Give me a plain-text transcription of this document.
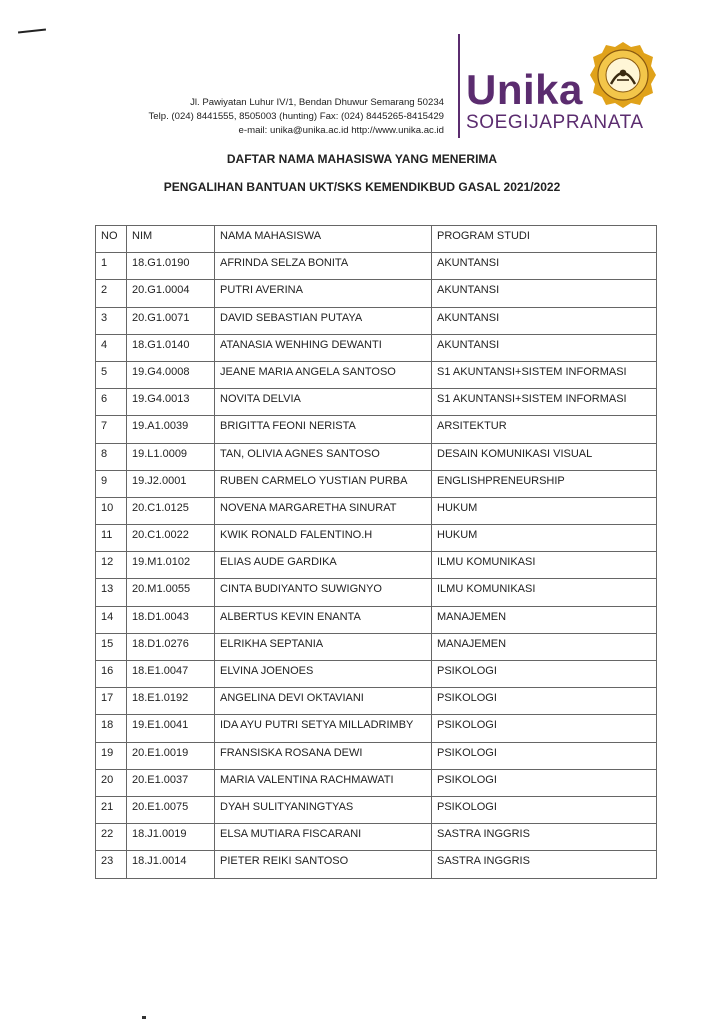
Jl. Pawiyatan Luhur IV/1, Bendan Dhuwur Semarang 50234
Telp. (024) 8441555, 8505003 (hunting) Fax: (024) 8445265-8415429
e-mail: unika@unika.ac.id http://www.unika.ac.id
Unika
SOEGIJAPRANATA
DAFTAR NAMA MAHASISWA YANG MENERIMA
PENGALIHAN BANTUAN UKT/SKS KEMENDIKBUD GASAL 2021/2022
NO	NIM	NAMA MAHASISWA	PROGRAM STUDI
1	18.G1.0190	AFRINDA SELZA BONITA	AKUNTANSI
2	20.G1.0004	PUTRI AVERINA	AKUNTANSI
3	20.G1.0071	DAVID SEBASTIAN PUTAYA	AKUNTANSI
4	18.G1.0140	ATANASIA WENHING DEWANTI	AKUNTANSI
5	19.G4.0008	JEANE MARIA ANGELA SANTOSO	S1 AKUNTANSI+SISTEM INFORMASI
6	19.G4.0013	NOVITA DELVIA	S1 AKUNTANSI+SISTEM INFORMASI
7	19.A1.0039	BRIGITTA FEONI NERISTA	ARSITEKTUR
8	19.L1.0009	TAN, OLIVIA AGNES SANTOSO	DESAIN KOMUNIKASI VISUAL
9	19.J2.0001	RUBEN CARMELO YUSTIAN PURBA	ENGLISHPRENEURSHIP
10	20.C1.0125	NOVENA MARGARETHA SINURAT	HUKUM
11	20.C1.0022	KWIK RONALD FALENTINO.H	HUKUM
12	19.M1.0102	ELIAS AUDE GARDIKA	ILMU KOMUNIKASI
13	20.M1.0055	CINTA BUDIYANTO SUWIGNYO	ILMU KOMUNIKASI
14	18.D1.0043	ALBERTUS KEVIN ENANTA	MANAJEMEN
15	18.D1.0276	ELRIKHA SEPTANIA	MANAJEMEN
16	18.E1.0047	ELVINA JOENOES	PSIKOLOGI
17	18.E1.0192	ANGELINA DEVI OKTAVIANI	PSIKOLOGI
18	19.E1.0041	IDA AYU PUTRI SETYA MILLADRIMBY	PSIKOLOGI
19	20.E1.0019	FRANSISKA ROSANA DEWI	PSIKOLOGI
20	20.E1.0037	MARIA VALENTINA RACHMAWATI	PSIKOLOGI
21	20.E1.0075	DYAH SULITYANINGTYAS	PSIKOLOGI
22	18.J1.0019	ELSA MUTIARA FISCARANI	SASTRA INGGRIS
23	18.J1.0014	PIETER REIKI SANTOSO	SASTRA INGGRIS
